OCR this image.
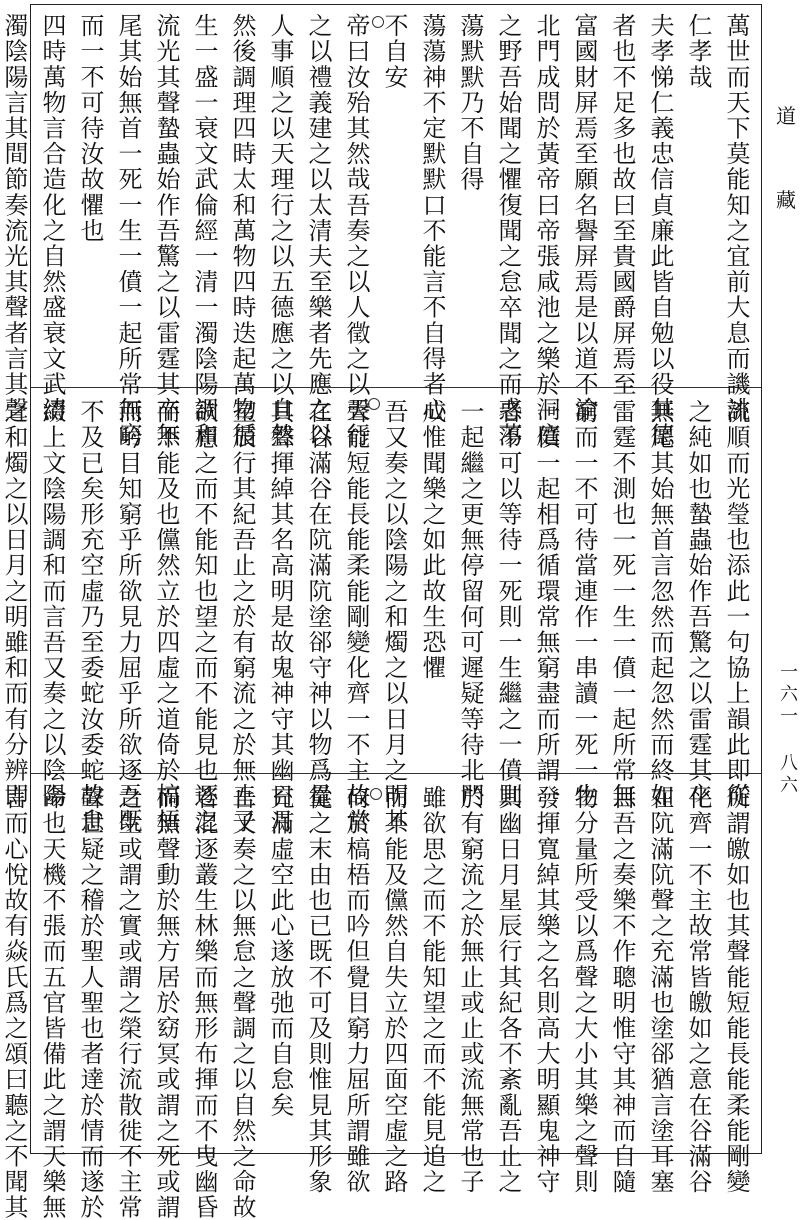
萬世而天下莫能知之宜前大息而譏誂
仁孝哉
夫孝悌仁義忠信貞廉此皆自勉以役其德
者也不足多也故曰至貴國爵屏焉至
富國財屏焉至願名譽屏焉是以道不渝
北門成問於黃帝曰帝張咸池之樂於洞庭
之野吾始聞之懼復聞之怠卒聞之而惑蕩
蕩默默乃不自得
蕩蕩神不定默默口不能言不自得者心
不自安
帝曰汝殆其然哉吾奏之以人徵之以天行
之以禮義建之以太清夫至樂者先應之以
人事順之以天理行之以五德應之以自然
然後調理四時太和萬物四時迭起萬物循
生一盛一衰文武倫經一清一濁陰陽調和
流光其聲蟄蟲始作吾驚之以雷霆其卒無
尾其始無首一死一生一僨一起所常無窮
而一不可待汝故懼也
四時萬物言合造化之自然盛衰文武清
濁陰陽言其間節奏流光其聲者言其聲
流順而光瑩也添此一句協上韻此即從
之純如也蟄蟲始作吾驚之以雷霆其卒
無尾其始無首言忽然而起忽然而終如
雷霆不測也一死一生一僨一起所常無
窮而一不可待當連作一串讀一死一生
一僨一起相爲循環常無窮盡而所謂一
者不可以等待一死則一生繼之一僨則
一起繼之更無停留何可遲疑等待北門
成惟聞樂之如此故生恐懼
吾又奏之以陰陽之和燭之以日月之明其
聲能短能長能柔能剛變化齊一不主故常
在谷滿谷在阬滿阬塗郤守神以物爲量
其聲揮綽其名高明是故鬼神守其幽日月
星辰行其紀吾止之於有窮流之於無止子
欲慮之而不能知也望之而不能見也逐之
而不能及也儻然立於四虛之道倚於槁梧
而吟目知窮乎所欲見力屈乎所欲逐吾既
不及已矣形充空虛乃至委蛇汝委蛇故怠
綴上文陰陽調和而言吾又奏之以陰陽
之和燭之以日月之明雖和而有分辨即
所謂皦如也其聲能短能長能柔能剛變
化齊一不主故常皆皦如之意在谷滿谷
在阬滿阬聲之充滿也塗郤猶言塗耳塞
目吾之奏樂不作聰明惟守其神而自隨
物分量所受以爲聲之大小其樂之聲則
發揮寬綽其樂之名則高大明顯鬼神守
其幽日月星辰行其紀各不紊亂吾止之
於有窮流之於無止或止或流無常也子
雖欲思之而不能知望之而不能見追之
而不能及儻然自失立於四面空虛之路
倚於槁梧而吟但覺目窮力屈所謂雖欲
從之末由也已既不可及則惟見其形象
充滿虛空此心遂放弛而自怠矣
吾又奏之以無怠之聲調之以自然之命故
若混逐叢生林樂而無形布揮而不曳幽昏
而無聲動於無方居於窈冥或謂之死或謂
之生或謂之實或謂之榮行流散徙不主常
聲世疑之稽於聖人聖也者達於情而遂於
命也天機不張而五官皆備此之謂天樂無
言而心悅故有焱氏爲之頌曰聽之不聞其
道
藏
一六一 八六
